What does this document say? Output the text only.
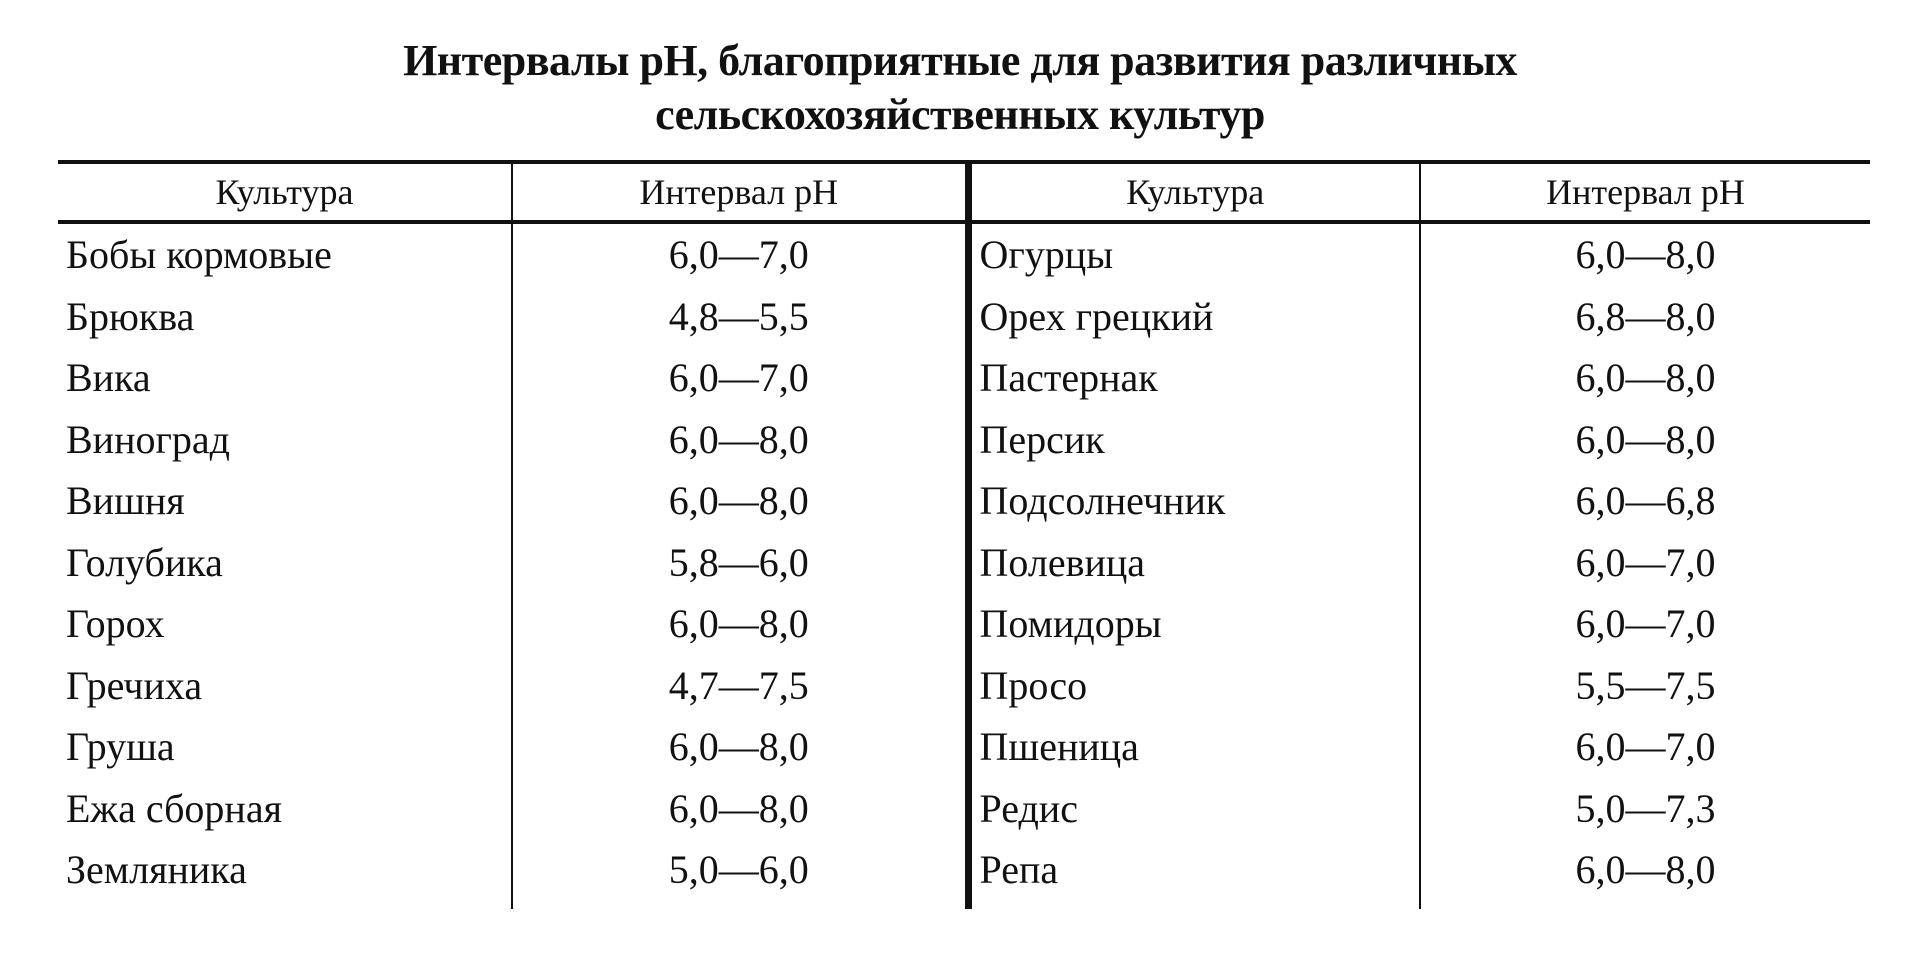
Интервалы pH, благоприятные для развития различных
сельскохозяйственных культур
Культура	Интервал pH	Культура	Интервал pH
Бобы кормовые	6,0—7,0	Огурцы	6,0—8,0
Брюква	4,8—5,5	Орех грецкий	6,8—8,0
Вика	6,0—7,0	Пастернак	6,0—8,0
Виноград	6,0—8,0	Персик	6,0—8,0
Вишня	6,0—8,0	Подсолнечник	6,0—6,8
Голубика	5,8—6,0	Полевица	6,0—7,0
Горох	6,0—8,0	Помидоры	6,0—7,0
Гречиха	4,7—7,5	Просо	5,5—7,5
Груша	6,0—8,0	Пшеница	6,0—7,0
Ежа сборная	6,0—8,0	Редис	5,0—7,3
Земляника	5,0—6,0	Репа	6,0—8,0
